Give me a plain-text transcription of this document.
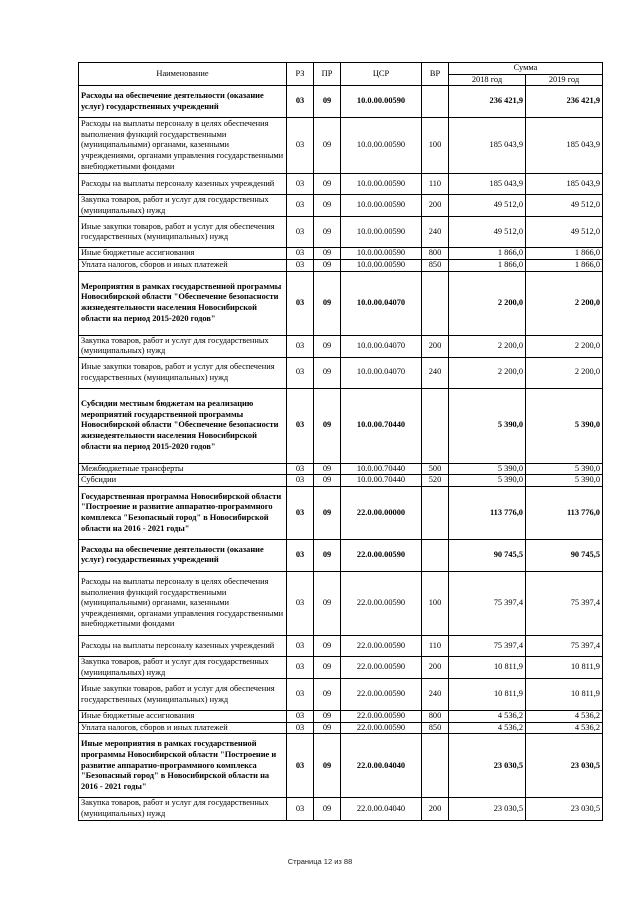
Наименование	РЗ	ПР	ЦСР	ВР	Сумма	
					2018 год	2019 год
Расходы на обеспечение деятельности (оказание услуг) государственных учреждений	03	09	10.0.00.00590		236 421,9	236 421,9
Расходы на выплаты персоналу в целях обеспечения выполнения функций государственными (муниципальными) органами, казенными учреждениями, органами управления государственными внебюджетными фондами	03	09	10.0.00.00590	100	185 043,9	185 043,9
Расходы на выплаты персоналу казенных учреждений	03	09	10.0.00.00590	110	185 043,9	185 043,9
Закупка товаров, работ и услуг для государственных (муниципальных) нужд	03	09	10.0.00.00590	200	49 512,0	49 512,0
Иные закупки товаров, работ и услуг для обеспечения государственных (муниципальных) нужд	03	09	10.0.00.00590	240	49 512,0	49 512,0
Иные бюджетные ассигнования	03	09	10.0.00.00590	800	1 866,0	1 866,0
Уплата налогов, сборов и иных платежей	03	09	10.0.00.00590	850	1 866,0	1 866,0
Мероприятия в рамках государственной программы Новосибирской области "Обеспечение безопасности жизнедеятельности населения Новосибирской области на период 2015-2020 годов"	03	09	10.0.00.04070		2 200,0	2 200,0
Закупка товаров, работ и услуг для государственных (муниципальных) нужд	03	09	10.0.00.04070	200	2 200,0	2 200,0
Иные закупки товаров, работ и услуг для обеспечения государственных (муниципальных) нужд	03	09	10.0.00.04070	240	2 200,0	2 200,0
Субсидии местным бюджетам на реализацию мероприятий государственной программы Новосибирской области "Обеспечение безопасности жизнедеятельности населения Новосибирской области на период 2015-2020 годов"	03	09	10.0.00.70440		5 390,0	5 390,0
Межбюджетные трансферты	03	09	10.0.00.70440	500	5 390,0	5 390,0
Субсидии	03	09	10.0.00.70440	520	5 390,0	5 390,0
Государственная программа Новосибирской области "Построение и развитие аппаратно-программного комплекса "Безопасный город" в Новосибирской области на 2016 - 2021 годы"	03	09	22.0.00.00000		113 776,0	113 776,0
Расходы на обеспечение деятельности (оказание услуг) государственных учреждений	03	09	22.0.00.00590		90 745,5	90 745,5
Расходы на выплаты персоналу в целях обеспечения выполнения функций государственными (муниципальными) органами, казенными учреждениями, органами управления государственными внебюджетными фондами	03	09	22.0.00.00590	100	75 397,4	75 397,4
Расходы на выплаты персоналу казенных учреждений	03	09	22.0.00.00590	110	75 397,4	75 397,4
Закупка товаров, работ и услуг для государственных (муниципальных) нужд	03	09	22.0.00.00590	200	10 811,9	10 811,9
Иные закупки товаров, работ и услуг для обеспечения государственных (муниципальных) нужд	03	09	22.0.00.00590	240	10 811,9	10 811,9
Иные бюджетные ассигнования	03	09	22.0.00.00590	800	4 536,2	4 536,2
Уплата налогов, сборов и иных платежей	03	09	22.0.00.00590	850	4 536,2	4 536,2
Иные мероприятия в рамках государственной программы Новосибирской области "Построение и развитие аппаратно-программного комплекса "Безопасный город" в Новосибирской области на 2016 - 2021 годы"	03	09	22.0.00.04040		23 030,5	23 030,5
Закупка товаров, работ и услуг для государственных (муниципальных) нужд	03	09	22.0.00.04040	200	23 030,5	23 030,5
Страница 12 из 88
